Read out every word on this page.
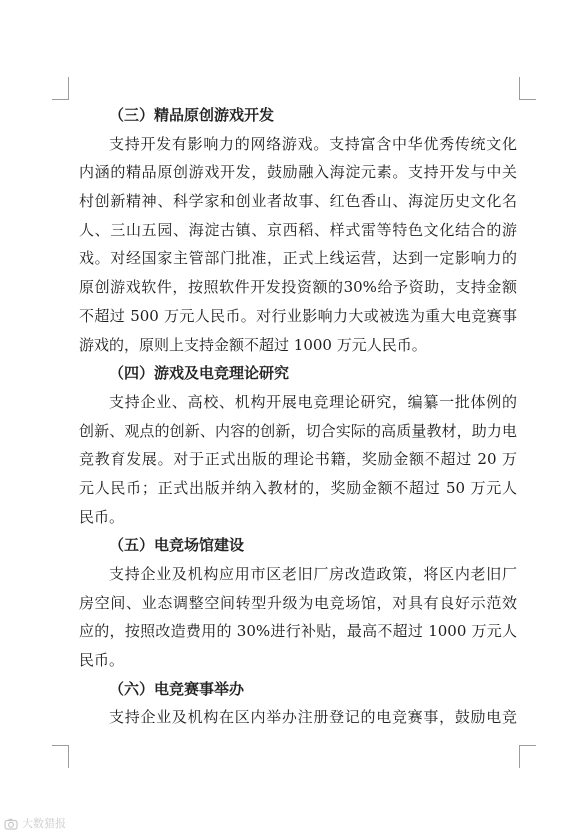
（三）精品原创游戏开发
支持开发有影响力的网络游戏。支持富含中华优秀传统文化
内涵的精品原创游戏开发，鼓励融入海淀元素。支持开发与中关
村创新精神、科学家和创业者故事、红色香山、海淀历史文化名
人、三山五园、海淀古镇、京西稻、样式雷等特色文化结合的游
戏。对经国家主管部门批准，正式上线运营，达到一定影响力的
原创游戏软件，按照软件开发投资额的30%给予资助，支持金额
不超过 500 万元人民币。对行业影响力大或被选为重大电竞赛事
游戏的，原则上支持金额不超过 1000 万元人民币。
（四）游戏及电竞理论研究
支持企业、高校、机构开展电竞理论研究，编纂一批体例的
创新、观点的创新、内容的创新，切合实际的高质量教材，助力电
竞教育发展。对于正式出版的理论书籍，奖励金额不超过 20 万
元人民币；正式出版并纳入教材的，奖励金额不超过 50 万元人
民币。
（五）电竞场馆建设
支持企业及机构应用市区老旧厂房改造政策，将区内老旧厂
房空间、业态调整空间转型升级为电竞场馆，对具有良好示范效
应的，按照改造费用的 30%进行补贴，最高不超过 1000 万元人
民币。
（六）电竞赛事举办
支持企业及机构在区内举办注册登记的电竞赛事，鼓励电竞
大数猎报
